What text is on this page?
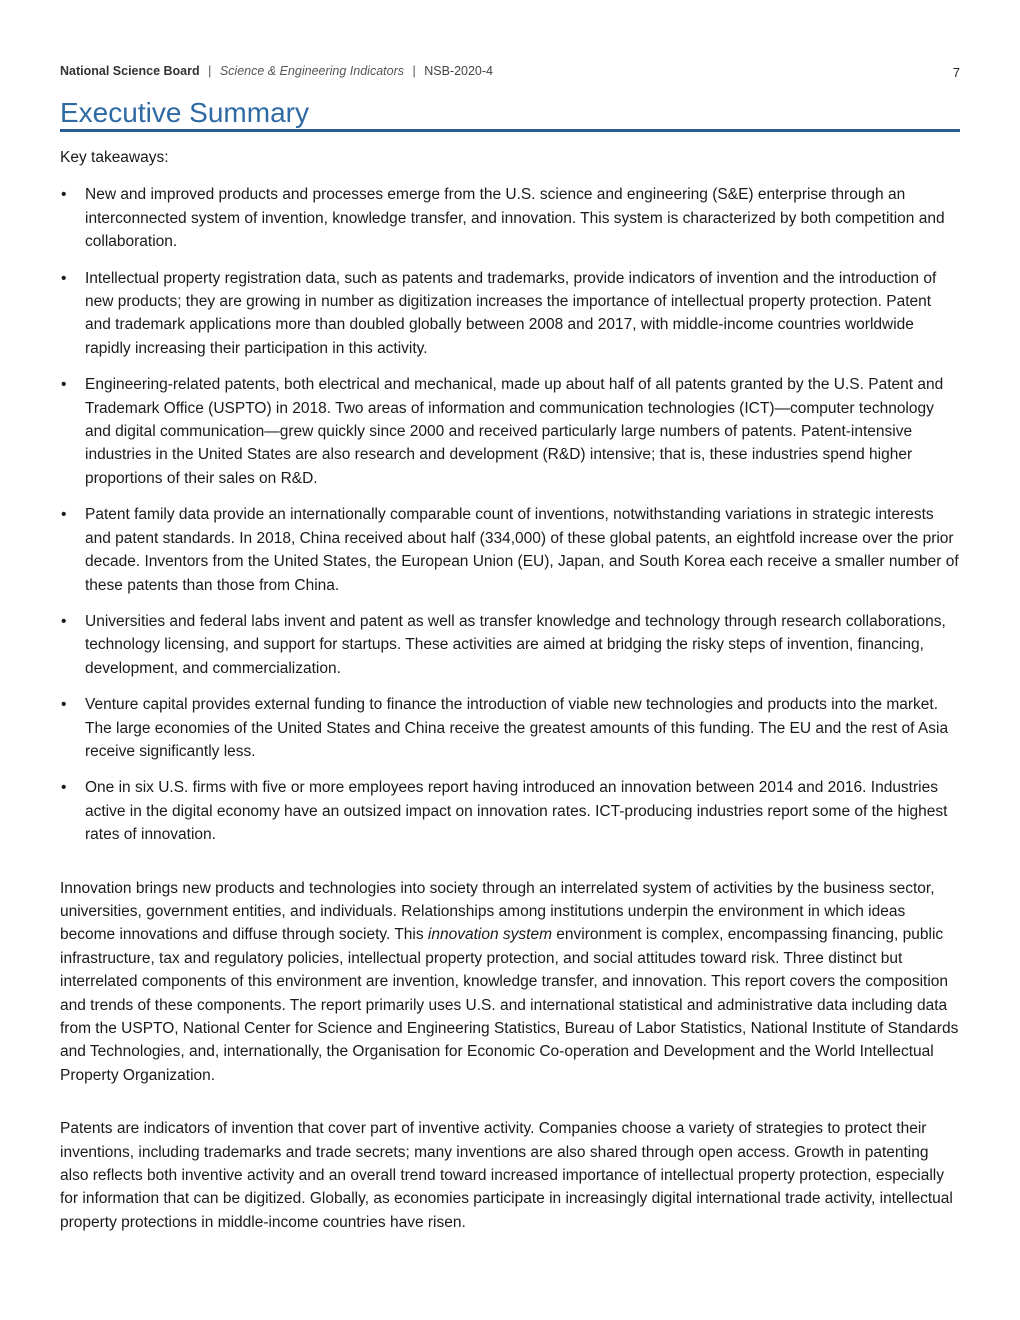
National Science Board | Science & Engineering Indicators | NSB-2020-4	7
Executive Summary

Key takeaways:

• New and improved products and processes emerge from the U.S. science and engineering (S&E) enterprise through an interconnected system of invention, knowledge transfer, and innovation. This system is characterized by both competition and collaboration.
• Intellectual property registration data, such as patents and trademarks, provide indicators of invention and the introduction of new products; they are growing in number as digitization increases the importance of intellectual property protection. Patent and trademark applications more than doubled globally between 2008 and 2017, with middle-income countries worldwide rapidly increasing their participation in this activity.
• Engineering-related patents, both electrical and mechanical, made up about half of all patents granted by the U.S. Patent and Trademark Office (USPTO) in 2018. Two areas of information and communication technologies (ICT)—computer technology and digital communication—grew quickly since 2000 and received particularly large numbers of patents. Patent-intensive industries in the United States are also research and development (R&D) intensive; that is, these industries spend higher proportions of their sales on R&D.
• Patent family data provide an internationally comparable count of inventions, notwithstanding variations in strategic interests and patent standards. In 2018, China received about half (334,000) of these global patents, an eightfold increase over the prior decade. Inventors from the United States, the European Union (EU), Japan, and South Korea each receive a smaller number of these patents than those from China.
• Universities and federal labs invent and patent as well as transfer knowledge and technology through research collaborations, technology licensing, and support for startups. These activities are aimed at bridging the risky steps of invention, financing, development, and commercialization.
• Venture capital provides external funding to finance the introduction of viable new technologies and products into the market. The large economies of the United States and China receive the greatest amounts of this funding. The EU and the rest of Asia receive significantly less.
• One in six U.S. firms with five or more employees report having introduced an innovation between 2014 and 2016. Industries active in the digital economy have an outsized impact on innovation rates. ICT-producing industries report some of the highest rates of innovation.

Innovation brings new products and technologies into society through an interrelated system of activities by the business sector, universities, government entities, and individuals. Relationships among institutions underpin the environment in which ideas become innovations and diffuse through society. This innovation system environment is complex, encompassing financing, public infrastructure, tax and regulatory policies, intellectual property protection, and social attitudes toward risk. Three distinct but interrelated components of this environment are invention, knowledge transfer, and innovation. This report covers the composition and trends of these components. The report primarily uses U.S. and international statistical and administrative data including data from the USPTO, National Center for Science and Engineering Statistics, Bureau of Labor Statistics, National Institute of Standards and Technologies, and, internationally, the Organisation for Economic Co-operation and Development and the World Intellectual Property Organization.

Patents are indicators of invention that cover part of inventive activity. Companies choose a variety of strategies to protect their inventions, including trademarks and trade secrets; many inventions are also shared through open access. Growth in patenting also reflects both inventive activity and an overall trend toward increased importance of intellectual property protection, especially for information that can be digitized. Globally, as economies participate in increasingly digital international trade activity, intellectual property protections in middle-income countries have risen.
